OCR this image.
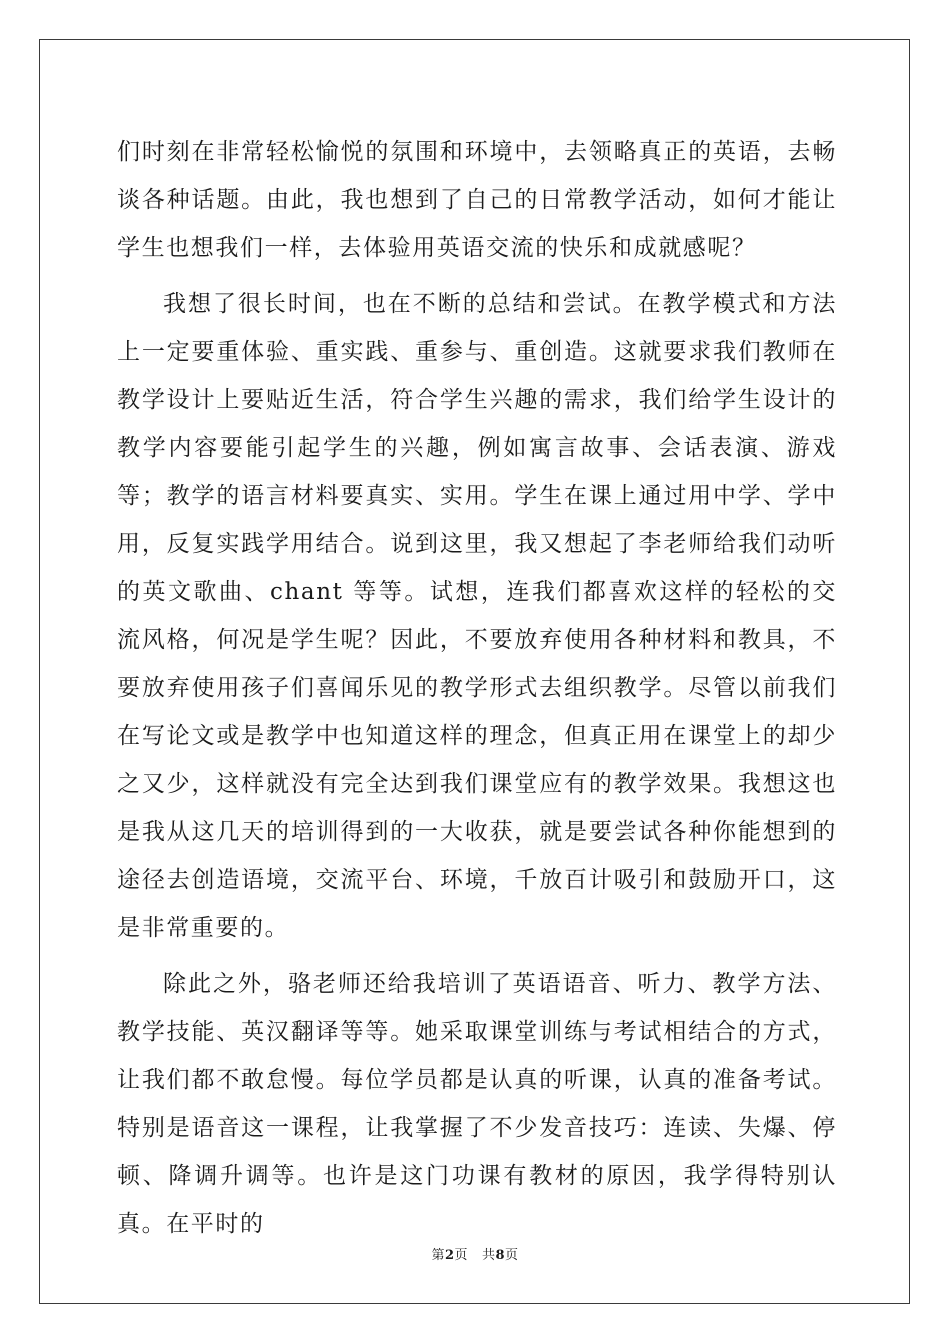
们时刻在非常轻松愉悦的氛围和环境中，去领略真正的英语，去畅谈各种话题。由此，我也想到了自己的日常教学活动，如何才能让学生也想我们一样，去体验用英语交流的快乐和成就感呢？

我想了很长时间，也在不断的总结和尝试。在教学模式和方法上一定要重体验、重实践、重参与、重创造。这就要求我们教师在教学设计上要贴近生活，符合学生兴趣的需求，我们给学生设计的教学内容要能引起学生的兴趣，例如寓言故事、会话表演、游戏等；教学的语言材料要真实、实用。学生在课上通过用中学、学中用，反复实践学用结合。说到这里，我又想起了李老师给我们动听的英文歌曲、chant 等等。试想，连我们都喜欢这样的轻松的交流风格，何况是学生呢？因此，不要放弃使用各种材料和教具，不要放弃使用孩子们喜闻乐见的教学形式去组织教学。尽管以前我们在写论文或是教学中也知道这样的理念，但真正用在课堂上的却少之又少，这样就没有完全达到我们课堂应有的教学效果。我想这也是我从这几天的培训得到的一大收获，就是要尝试各种你能想到的途径去创造语境，交流平台、环境，千放百计吸引和鼓励开口，这是非常重要的。

除此之外，骆老师还给我培训了英语语音、听力、教学方法、教学技能、英汉翻译等等。她采取课堂训练与考试相结合的方式，让我们都不敢怠慢。每位学员都是认真的听课，认真的准备考试。特别是语音这一课程，让我掌握了不少发音技巧：连读、失爆、停顿、降调升调等。也许是这门功课有教材的原因，我学得特别认真。在平时的

第2页 共8页
